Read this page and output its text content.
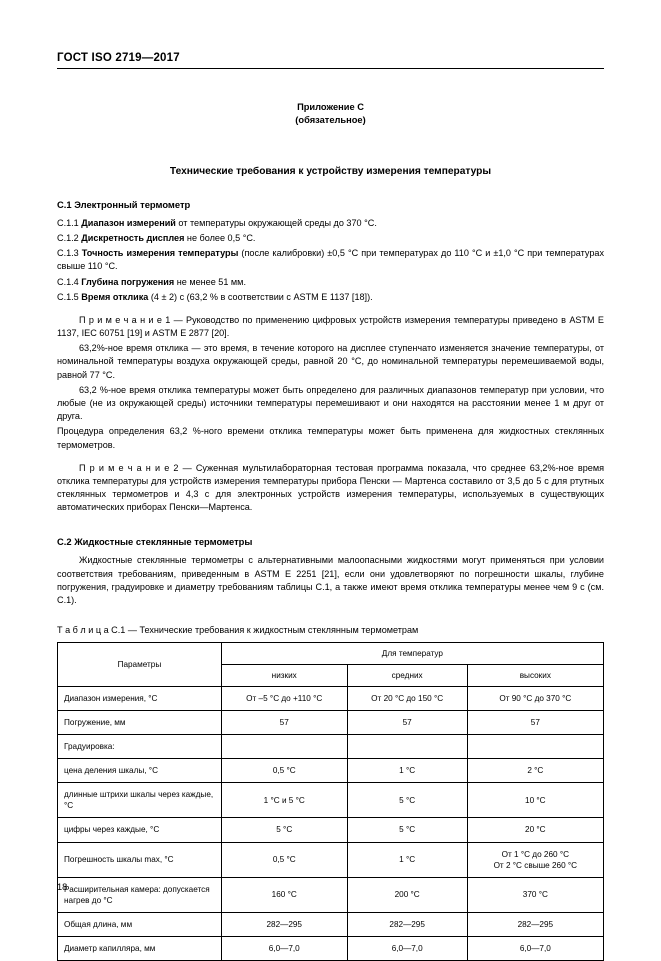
ГОСТ ISO 2719—2017
Приложение С
(обязательное)
Технические требования к устройству измерения температуры
С.1 Электронный термометр

С.1.1 Диапазон измерений от температуры окружающей среды до 370 °С.

С.1.2 Дискретность дисплея не более 0,5 °С.

С.1.3 Точность измерения температуры (после калибровки) ±0,5 °С при температурах до 110 °С и ±1,0 °С при температурах свыше 110 °С.

С.1.4 Глубина погружения не менее 51 мм.

С.1.5 Время отклика (4 ± 2) с (63,2 % в соответствии с ASTM E 1137 [18]).

П р и м е ч а н и е 1 — Руководство по применению цифровых устройств измерения температуры приведено в ASTM E 1137, IEC 60751 [19] и ASTM E 2877 [20].

63,2%-ное время отклика — это время, в течение которого на дисплее ступенчато изменяется значение температуры, от номинальной температуры воздуха окружающей среды, равной 20 °С, до номинальной температуры перемешиваемой воды, равной 77 °С.

63,2 %-ное время отклика температуры может быть определено для различных диапазонов температур при условии, что любые (не из окружающей среды) источники температуры перемешивают и они находятся на расстоянии менее 1 м друг от друга.

Процедура определения 63,2 %-ного времени отклика температуры может быть применена для жидкостных стеклянных термометров.

П р и м е ч а н и е 2 — Суженная мультилабораторная тестовая программа показала, что среднее 63,2%-ное время отклика температуры для устройств измерения температуры прибора Пенски — Мартенса составило от 3,5 до 5 с для ртутных стеклянных термометров и 4,3 с для электронных устройств измерения температуры, используемых в существующих автоматических приборах Пенски—Мартенса.

С.2 Жидкостные стеклянные термометры

Жидкостные стеклянные термометры с альтернативными малоопасными жидкостями могут применяться при условии соответствия требованиям, приведенным в ASTM E 2251 [21], если они удовлетворяют по погрешности шкалы, глубине погружения, градуировке и диаметру требованиям таблицы С.1, а также имеют время отклика температуры менее чем 9 с (см. С.1).

Т а б л и ц а С.1 — Технические требования к жидкостным стеклянным термометрам
Параметры	Для температур		
	низких	средних	высоких
Диапазон измерения, °С	От –5 °С до +110 °С	От 20 °С до 150 °С	От 90 °С до 370 °С
Погружение, мм	57	57	57
Градуировка:			
цена деления шкалы, °С	0,5 °С	1 °С	2 °С
длинные штрихи шкалы через каждые, °С	1 °С и 5 °С	5 °С	10 °С
цифры через каждые, °С	5 °С	5 °С	20 °С
Погрешность шкалы max, °С	0,5 °С	1 °С	От 1 °С до 260 °С
От 2 °С свыше 260 °С

Расширительная камера: допускается нагрев до °С	160 °С	200 °С	370 °С
Общая длина, мм	282—295	282—295	282—295
Диаметр капилляра, мм	6,0—7,0	6,0—7,0	6,0—7,0
18
